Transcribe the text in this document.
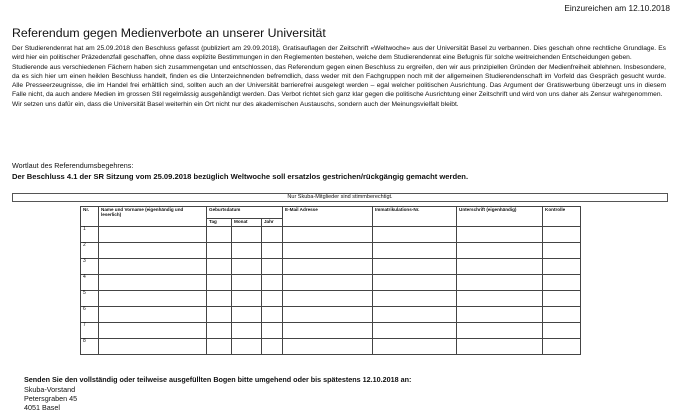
Einzureichen am 12.10.2018
Referendum gegen Medienverbote an unserer Universität

Der Studierendenrat hat am 25.09.2018 den Beschluss gefasst (publiziert am 29.09.2018), Gratisauflagen der Zeitschrift «Weltwoche» aus der Universität Basel zu verbannen. Dies geschah ohne rechtliche Grundlage. Es wird hier ein politischer Präzedenzfall geschaffen, ohne dass explizite Bestimmungen in den Reglementen bestehen, welche dem Studierendenrat eine Befugnis für solche weitreichenden Entscheidungen geben.

Studierende aus verschiedenen Fächern haben sich zusammengetan und entschlossen, das Referendum gegen einen Beschluss zu ergreifen, den wir aus prinzipiellen Gründen der Medienfreiheit ablehnen. Insbesondere, da es sich hier um einen heiklen Beschluss handelt, finden es die Unterzeichnenden befremdlich, dass weder mit den Fachgruppen noch mit der allgemeinen Studierendenschaft im Vorfeld das Gespräch gesucht wurde. Alle Presseerzeugnisse, die im Handel frei erhältlich sind, sollten auch an der Universität barrierefrei ausgelegt werden – egal welcher politischen Ausrichtung. Das Argument der Gratiswerbung überzeugt uns in diesem Falle nicht, da auch andere Medien im grossen Stil regelmässig ausgehändigt werden. Das Verbot richtet sich ganz klar gegen die politische Ausrichtung einer Zeitschrift und wird von uns daher als Zensur wahrgenommen.

Wir setzen uns dafür ein, dass die Universität Basel weiterhin ein Ort nicht nur des akademischen Austauschs, sondern auch der Meinungsvielfalt bleibt.

Wortlaut des Referendumsbegehrens:
Der Beschluss 4.1 der SR Sitzung vom 25.09.2018 bezüglich Weltwoche soll ersatzlos gestrichen/rückgängig gemacht werden.
Nur Skuba-Mitglieder sind stimmberechtigt.
Nr.	Name und Vorname (eigenhändig und leserlich)	Geburtsdatum			E-Mail Adresse	Immatrikulations-Nr.	Unterschrift (eigenhändig)	Kontrolle
		Tag	Monat	Jahr				
1								
2								
3								
4								
5								
6								
7								
8								
Senden Sie den vollständig oder teilweise ausgefüllten Bogen bitte umgehend oder bis spätestens 12.10.2018 an:
Skuba-Vorstand
Petersgraben 45
4051 Basel
